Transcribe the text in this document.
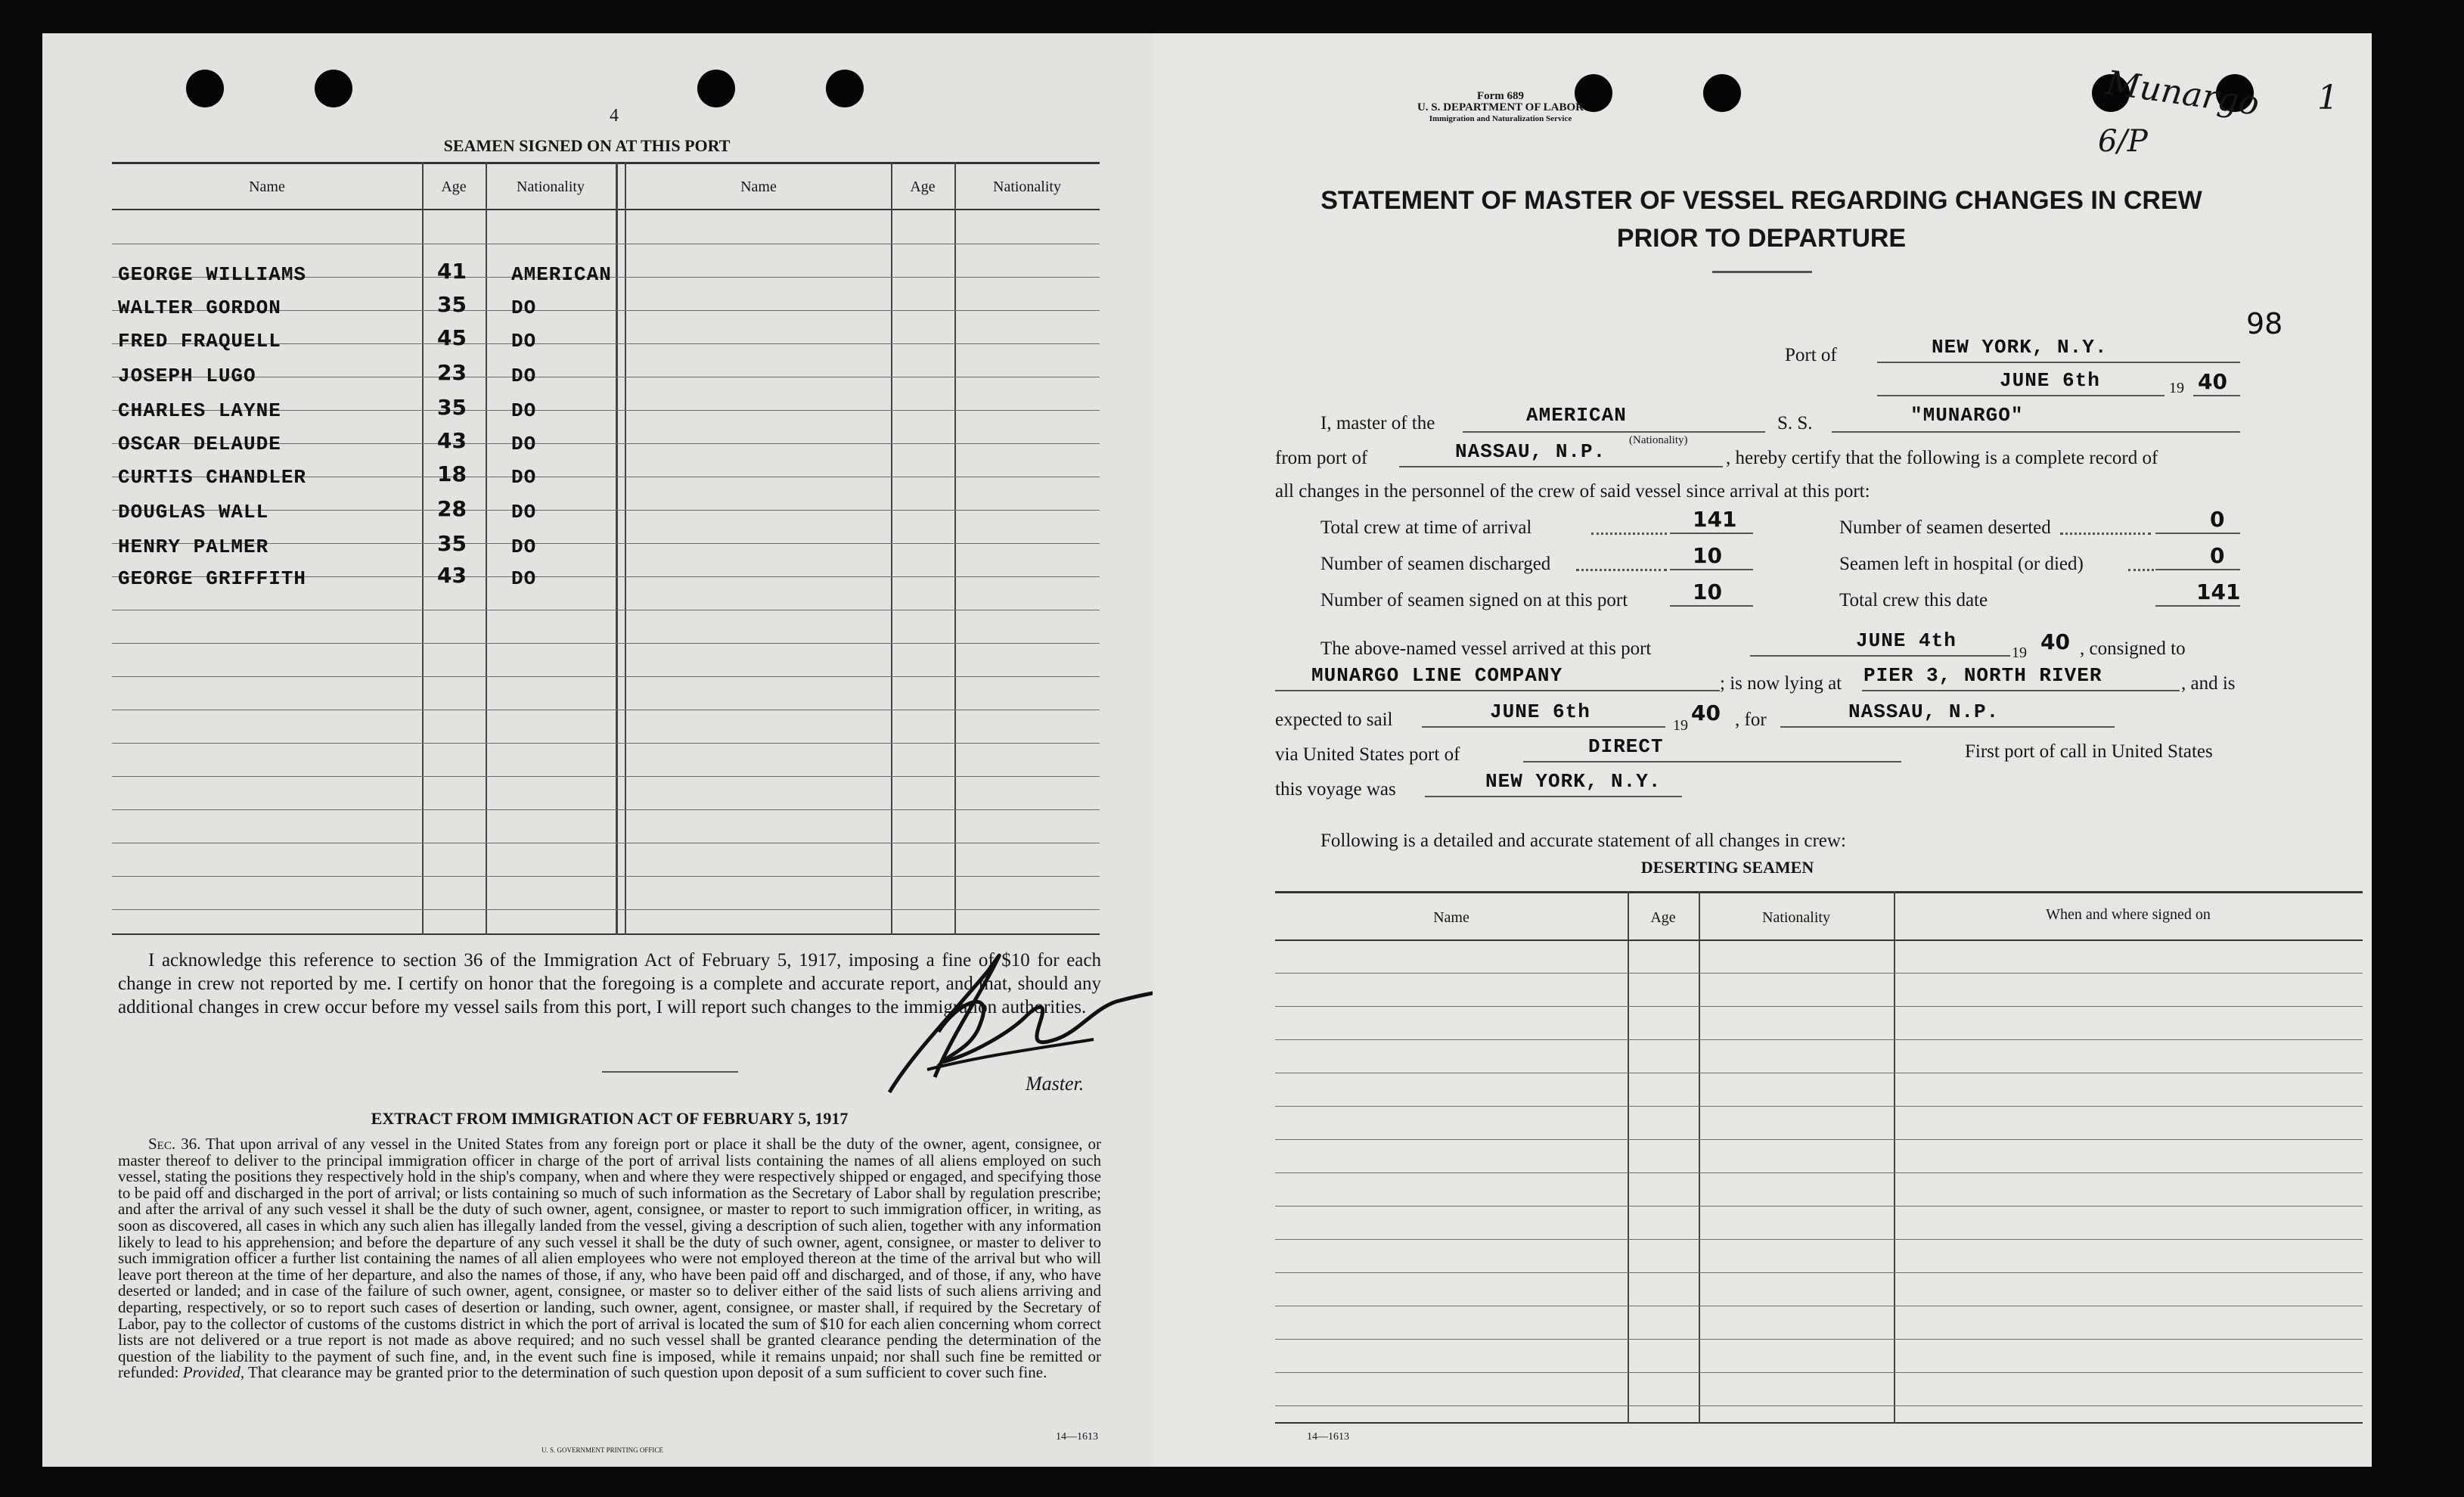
4
SEAMEN SIGNED ON AT THIS PORT
Name	Age	Nationality	Name	Age	Nationality
GEORGE WILLIAMS	41 AMERICAN
WALTER GORDON	35 DO
FRED FRAQUELL	45 DO
JOSEPH LUGO	23 DO
CHARLES LAYNE	35 DO
OSCAR DELAUDE	43 DO
CURTIS CHANDLER	18 DO
DOUGLAS WALL	28 DO
HENRY PALMER	35 DO
GEORGE GRIFFITH	43 DO
I acknowledge this reference to section 36 of the Immigration Act of February 5, 1917, imposing a fine of $10 for each change in crew not reported by me. I certify on honor that the foregoing is a complete and accurate report, and that, should any additional changes in crew occur before my vessel sails from this port, I will report such changes to the immigration authorities.
Master.
EXTRACT FROM IMMIGRATION ACT OF FEBRUARY 5, 1917
Sec. 36. That upon arrival of any vessel in the United States from any foreign port or place it shall be the duty of the owner, agent, consignee, or master thereof to deliver to the principal immigration officer in charge of the port of arrival lists containing the names of all aliens employed on such vessel, stating the positions they respectively hold in the ship's company, when and where they were respectively shipped or engaged, and specifying those to be paid off and discharged in the port of arrival; or lists containing so much of such information as the Secretary of Labor shall by regulation prescribe; and after the arrival of any such vessel it shall be the duty of such owner, agent, consignee, or master to report to such immigration officer, in writing, as soon as discovered, all cases in which any such alien has illegally landed from the vessel, giving a description of such alien, together with any information likely to lead to his apprehension; and before the departure of any such vessel it shall be the duty of such owner, agent, consignee, or master to deliver to such immigration officer a further list containing the names of all alien employees who were not employed thereon at the time of the arrival but who will leave port thereon at the time of her departure, and also the names of those, if any, who have been paid off and discharged, and of those, if any, who have deserted or landed; and in case of the failure of such owner, agent, consignee, or master so to deliver either of the said lists of such aliens arriving and departing, respectively, or so to report such cases of desertion or landing, such owner, agent, consignee, or master shall, if required by the Secretary of Labor, pay to the collector of customs of the customs district in which the port of arrival is located the sum of $10 for each alien concerning whom correct lists are not delivered or a true report is not made as above required; and no such vessel shall be granted clearance pending the determination of the question of the liability to the payment of such fine, and, in the event such fine is imposed, while it remains unpaid; nor shall such fine be remitted or refunded: Provided, That clearance may be granted prior to the determination of such question upon deposit of a sum sufficient to cover such fine.
14—1613
U. S. GOVERNMENT PRINTING OFFICE
Form 689
U. S. DEPARTMENT OF LABOR
Immigration and Naturalization Service	Munargo
6/P
1
STATEMENT OF MASTER OF VESSEL REGARDING CHANGES IN CREW
PRIOR TO DEPARTURE
98
Port of	NEW YORK, N.Y.
JUNE 6th	19 40
I, master of the	AMERICAN
(Nationality)
S. S.	"MUNARGO"
from port of	NASSAU, N.P.	, hereby certify that the following is a complete record of
all changes in the personnel of the crew of said vessel since arrival at this port:
Total crew at time of arrival	141	Number of seamen deserted	0
Number of seamen discharged	10	Seamen left in hospital (or died)	0
Number of seamen signed on at this port	10	Total crew this date	141
The above-named vessel arrived at this port	JUNE 4th
19 40 , consigned to
MUNARGO LINE COMPANY	; is now lying at PIER 3, NORTH RIVER	, and is
expected to sail	JUNE 6th
19 40 , for	NASSAU, N.P.
via United States port of	DIRECT	First port of call in United States
this voyage was	NEW YORK, N.Y.
Following is a detailed and accurate statement of all changes in crew:
DESERTING SEAMEN
Name	Age	Nationality	When and where signed on
14—1613
